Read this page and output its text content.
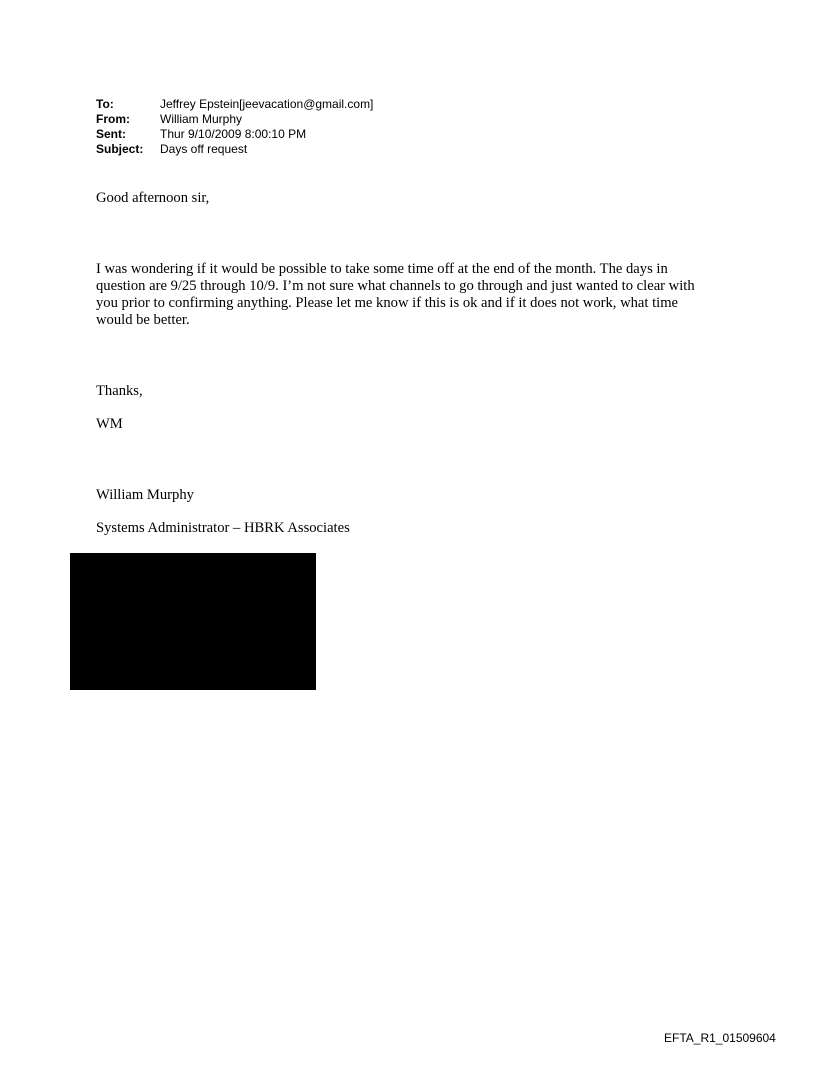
To:	Jeffrey Epstein[jeevacation@gmail.com]
From:	William Murphy
Sent:	Thur 9/10/2009 8:00:10 PM
Subject:	Days off request

Good afternoon sir,

I was wondering if it would be possible to take some time off at the end of the month. The days in question are 9/25 through 10/9. I’m not sure what channels to go through and just wanted to clear with you prior to confirming anything. Please let me know if this is ok and if it does not work, what time would be better.

Thanks,

WM

William Murphy

Systems Administrator – HBRK Associates

EFTA_R1_01509604
